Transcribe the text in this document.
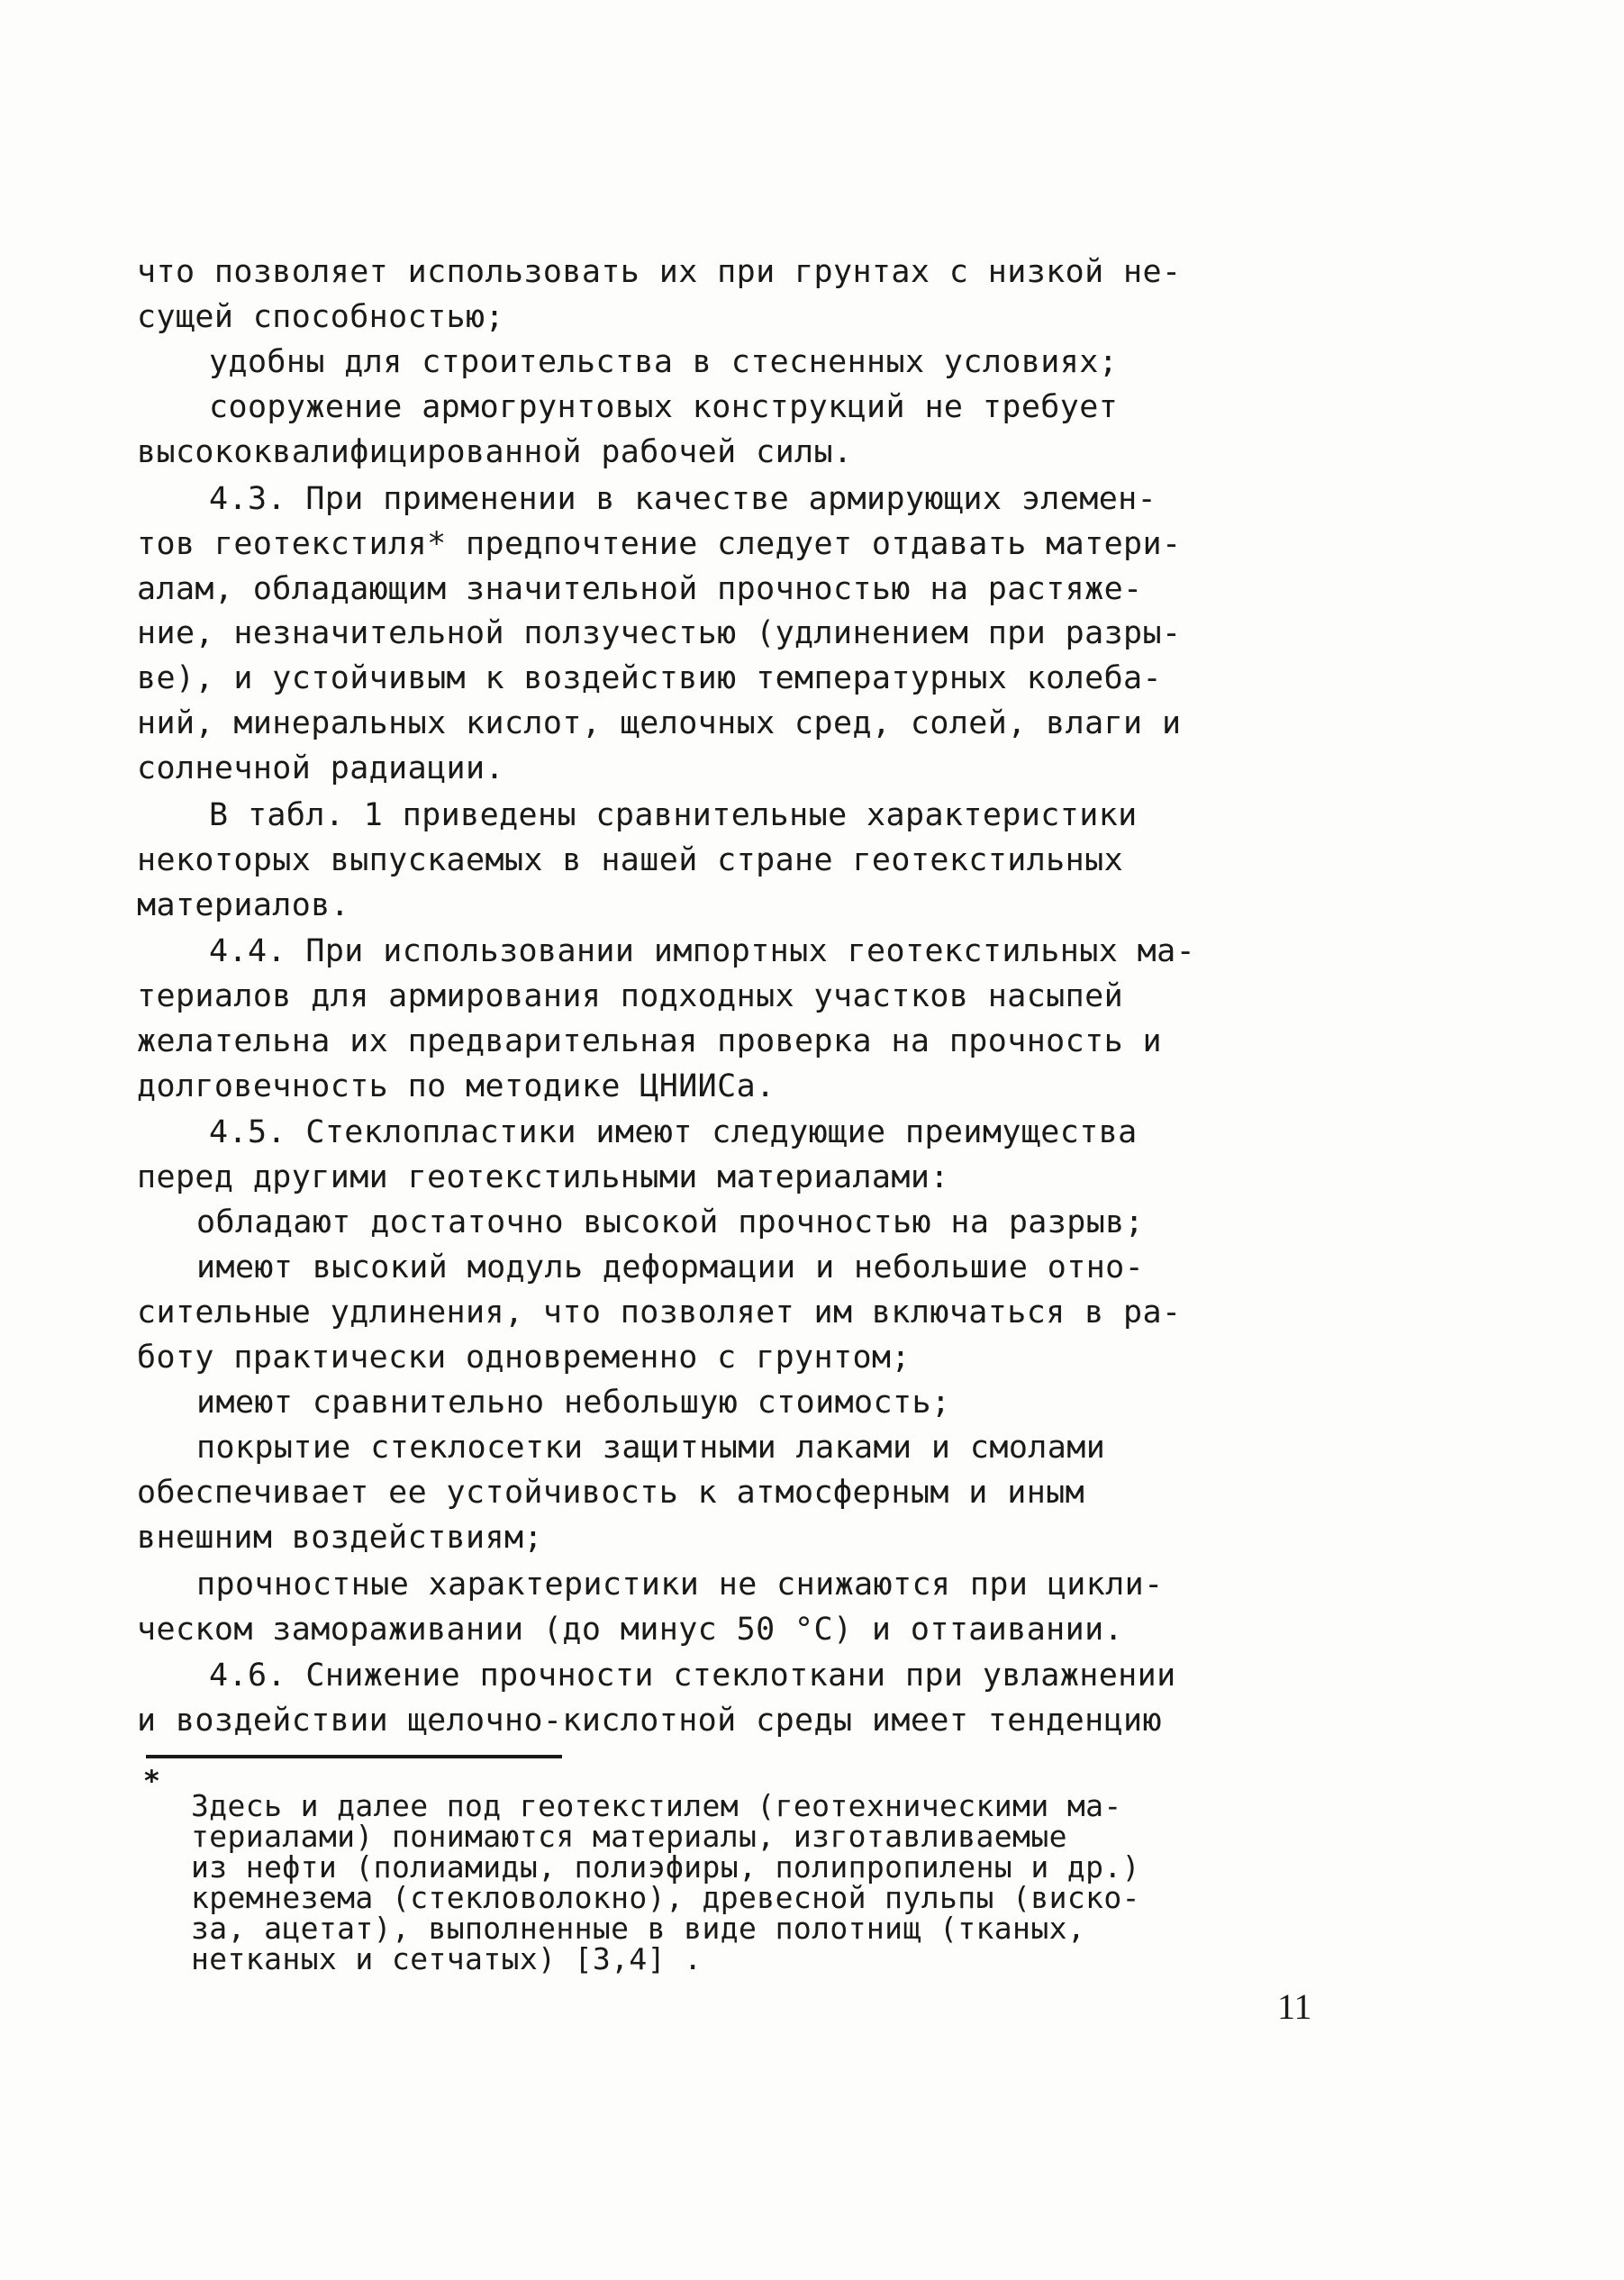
что позволяет использовать их при грунтах с низкой не-
сущей способностью;
удобны для строительства в стесненных условиях;
сооружение армогрунтовых конструкций не требует
высококвалифицированной рабочей силы.
4.3. При применении в качестве армирующих элемен-
тов геотекстиля* предпочтение следует отдавать матери-
алам, обладающим значительной прочностью на растяже-
ние, незначительной ползучестью (удлинением при разры-
ве), и устойчивым к воздействию температурных колеба-
ний, минеральных кислот, щелочных сред, солей, влаги и
солнечной радиации.
В табл. 1 приведены сравнительные характеристики
некоторых выпускаемых в нашей стране геотекстильных
материалов.
4.4. При использовании импортных геотекстильных ма-
териалов для армирования подходных участков насыпей
желательна их предварительная проверка на прочность и
долговечность по методике ЦНИИСа.
4.5. Стеклопластики имеют следующие преимущества
перед другими геотекстильными материалами:
обладают достаточно высокой прочностью на разрыв;
имеют высокий модуль деформации и небольшие отно-
сительные удлинения, что позволяет им включаться в ра-
боту практически одновременно с грунтом;
имеют сравнительно небольшую стоимость;
покрытие стеклосетки защитными лаками и смолами
обеспечивает ее устойчивость к атмосферным и иным
внешним воздействиям;
прочностные характеристики не снижаются при цикли-
ческом замораживании (до минус 50 °С) и оттаивании.
4.6. Снижение прочности стеклоткани при увлажнении
и воздействии щелочно-кислотной среды имеет тенденцию
*
Здесь и далее под геотекстилем (геотехническими ма-
териалами) понимаются материалы, изготавливаемые
из нефти (полиамиды, полиэфиры, полипропилены и др.)
кремнезема (стекловолокно), древесной пульпы (виско-
за, ацетат), выполненные в виде полотнищ (тканых,
нетканых и сетчатых) [3,4] .
11
